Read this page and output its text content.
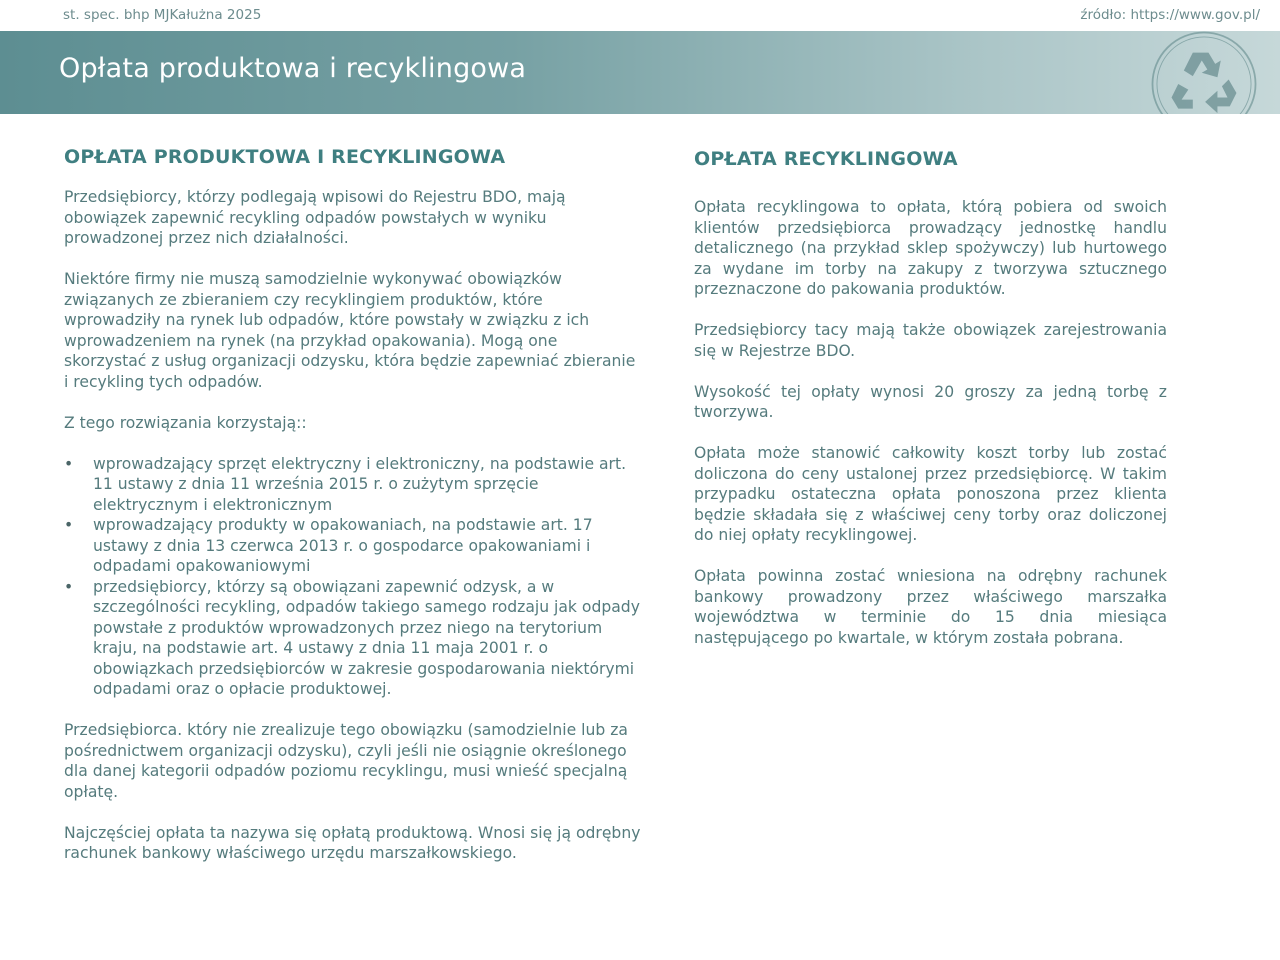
st. spec. bhp MJKałużna 2025	źródło: https://www.gov.pl/
Opłata produktowa i recyklingowa
OPŁATA PRODUKTOWA I RECYKLINGOWA

Przedsiębiorcy, którzy podlegają wpisowi do Rejestru BDO, mają obowiązek zapewnić recykling odpadów powstałych w wyniku prowadzonej przez nich działalności.

Niektóre firmy nie muszą samodzielnie wykonywać obowiązków związanych ze zbieraniem czy recyklingiem produktów, które wprowadziły na rynek lub odpadów, które powstały w związku z ich wprowadzeniem na rynek (na przykład opakowania). Mogą one skorzystać z usług organizacji odzysku, która będzie zapewniać zbieranie i recykling tych odpadów.

Z tego rozwiązania korzystają::

• wprowadzający sprzęt elektryczny i elektroniczny, na podstawie art. 11 ustawy z dnia 11 września 2015 r. o zużytym sprzęcie elektrycznym i elektronicznym
• wprowadzający produkty w opakowaniach, na podstawie art. 17 ustawy z dnia 13 czerwca 2013 r. o gospodarce opakowaniami i odpadami opakowaniowymi
• przedsiębiorcy, którzy są obowiązani zapewnić odzysk, a w szczególności recykling, odpadów takiego samego rodzaju jak odpady powstałe z produktów wprowadzonych przez niego na terytorium kraju, na podstawie art. 4 ustawy z dnia 11 maja 2001 r. o obowiązkach przedsiębiorców w zakresie gospodarowania niektórymi odpadami oraz o opłacie produktowej.

Przedsiębiorca. który nie zrealizuje tego obowiązku (samodzielnie lub za pośrednictwem organizacji odzysku), czyli jeśli nie osiągnie określonego dla danej kategorii odpadów poziomu recyklingu, musi wnieść specjalną opłatę.

Najczęściej opłata ta nazywa się opłatą produktową. Wnosi się ją odrębny rachunek bankowy właściwego urzędu marszałkowskiego.

OPŁATA RECYKLINGOWA

Opłata recyklingowa to opłata, którą pobiera od swoich klientów przedsiębiorca prowadzący jednostkę handlu detalicznego (na przykład sklep spożywczy) lub hurtowego za wydane im torby na zakupy z tworzywa sztucznego przeznaczone do pakowania produktów.

Przedsiębiorcy tacy mają także obowiązek zarejestrowania się w Rejestrze BDO.

Wysokość tej opłaty wynosi 20 groszy za jedną torbę z tworzywa.

Opłata może stanowić całkowity koszt torby lub zostać doliczona do ceny ustalonej przez przedsiębiorcę. W takim przypadku ostateczna opłata ponoszona przez klienta będzie składała się z właściwej ceny torby oraz doliczonej do niej opłaty recyklingowej.

Opłata powinna zostać wniesiona na odrębny rachunek bankowy prowadzony przez właściwego marszałka województwa w terminie do 15 dnia miesiąca następującego po kwartale, w którym została pobrana.
